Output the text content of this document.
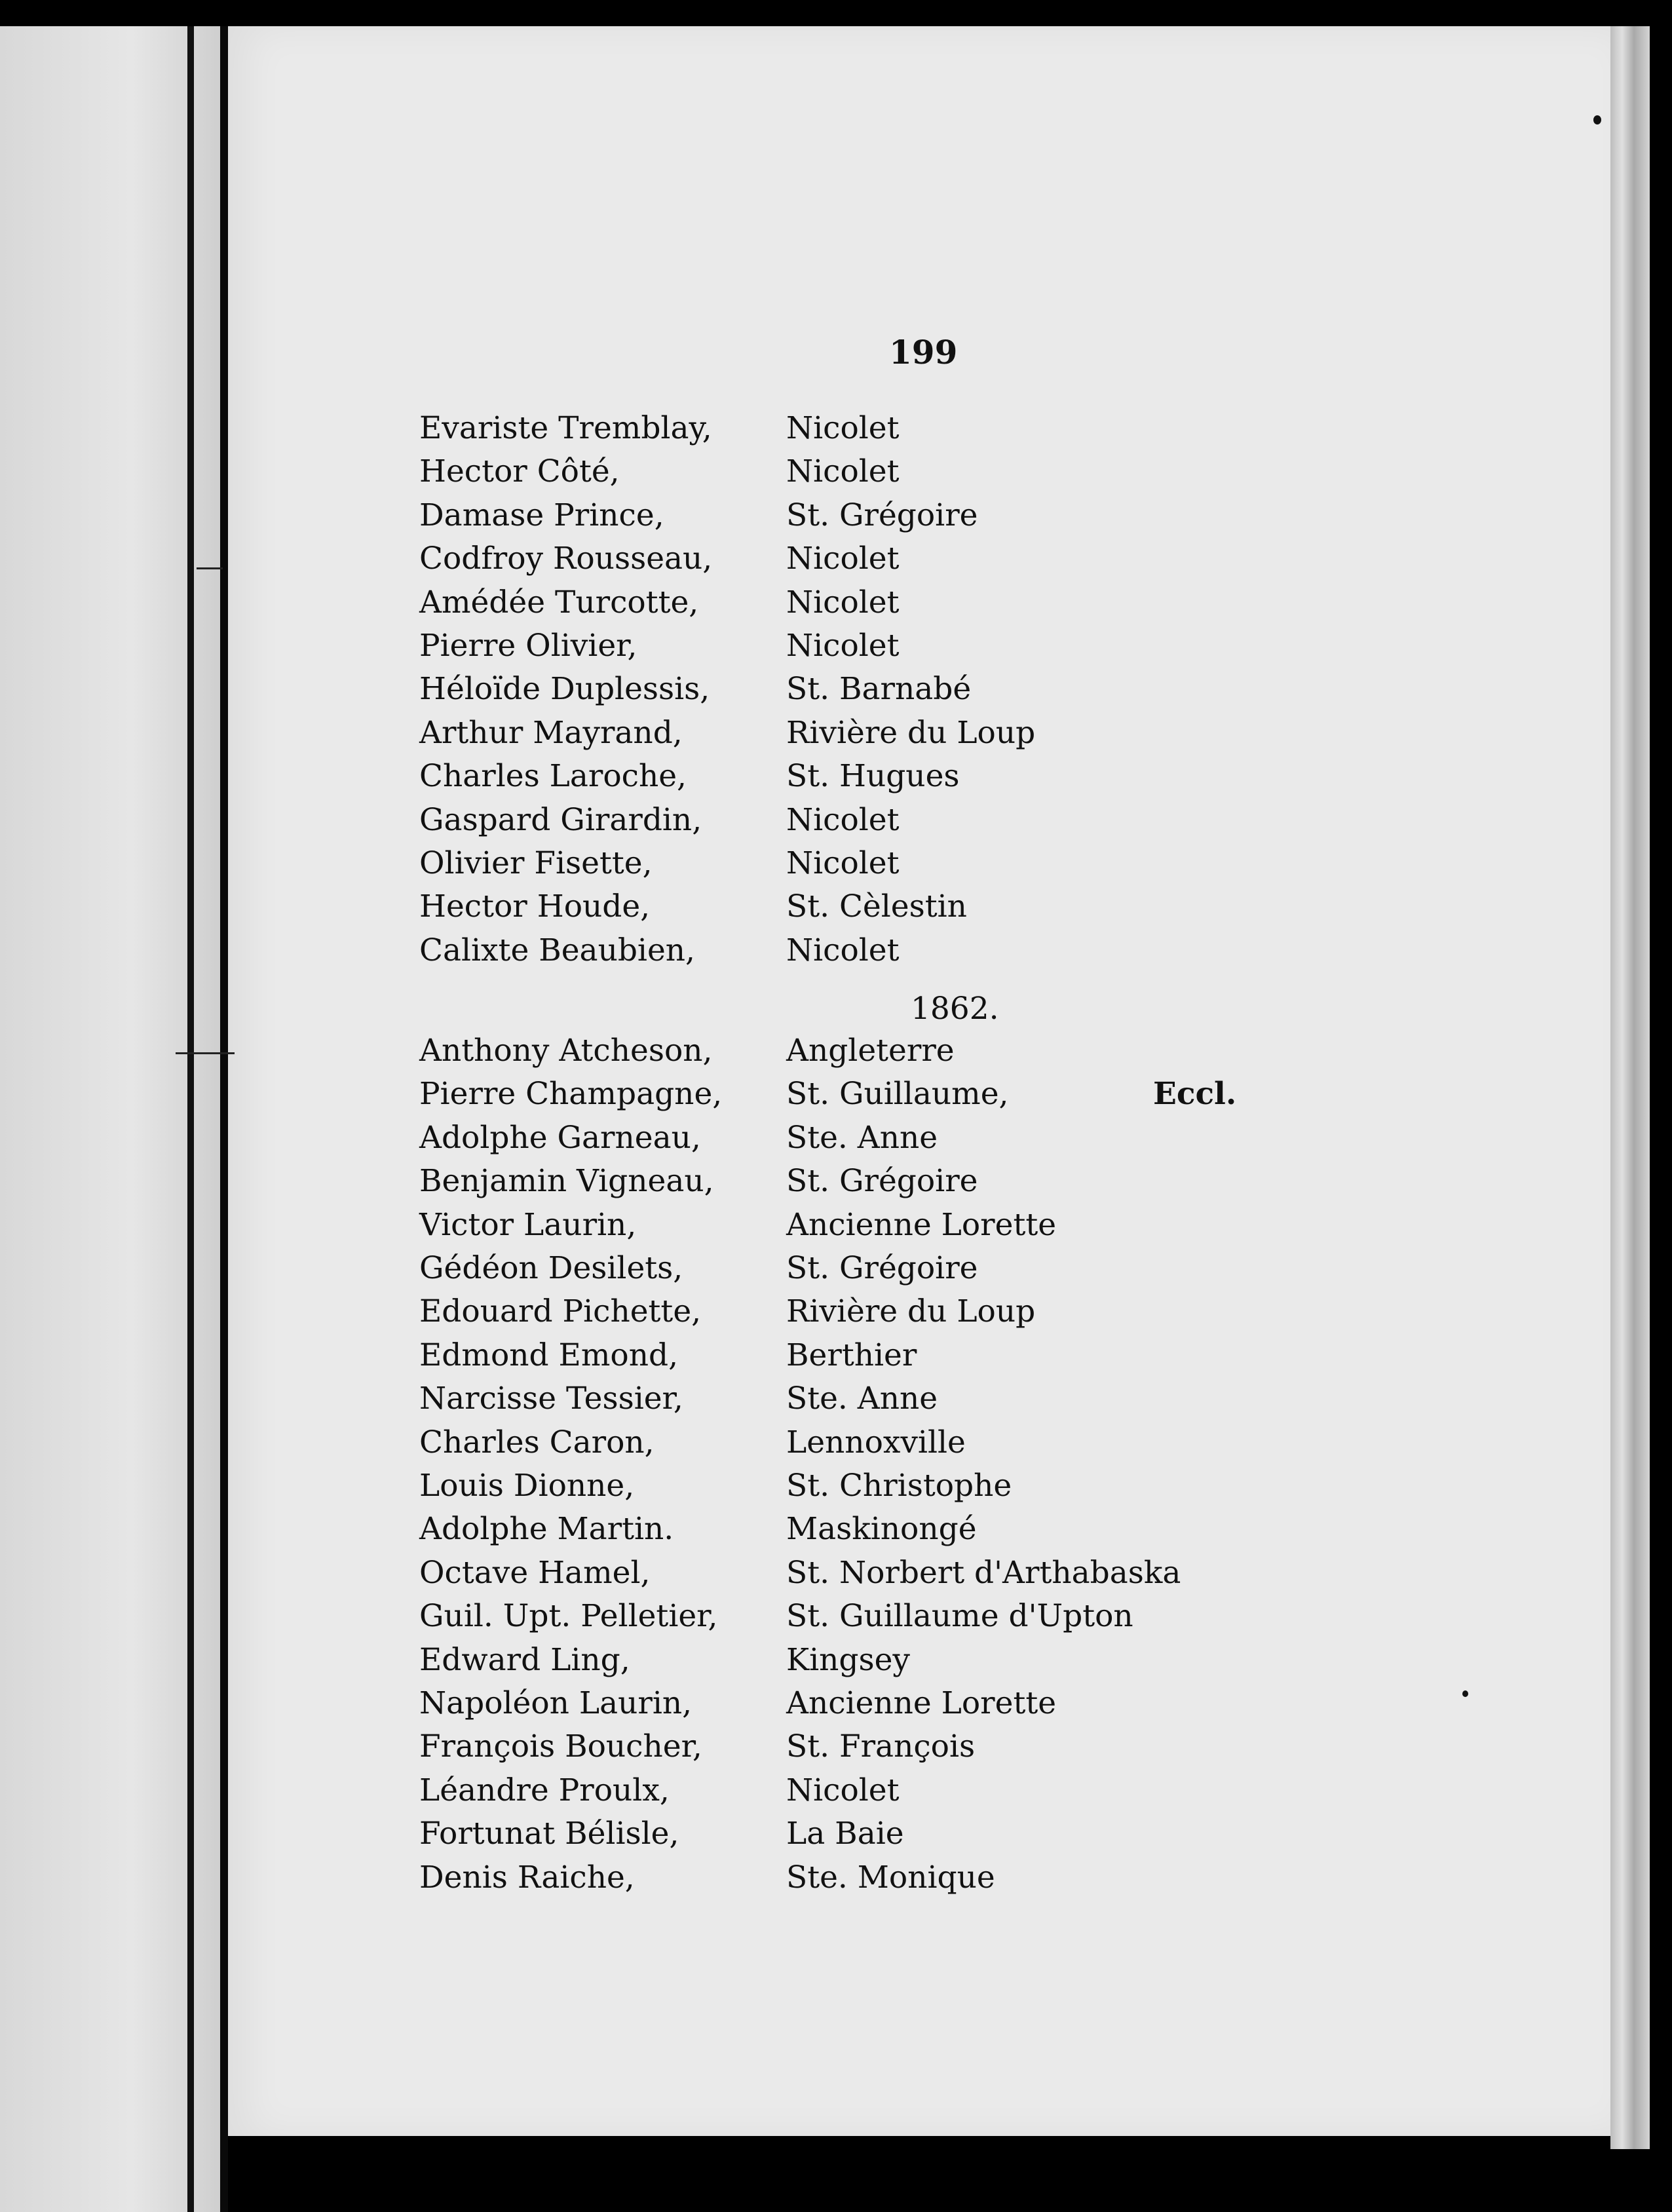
199
Evariste Tremblay, Nicolet
Hector Côté,	Nicolet
Damase Prince,	St. Grégoire
Codfroy Rousseau, Nicolet
Amédée Turcotte,	Nicolet
Pierre Olivier,	Nicolet
Héloïde Duplessis, St. Barnabé
Arthur Mayrand,	Rivière du Loup
Charles Laroche,	St. Hugues
Gaspard Girardin,	Nicolet
Olivier Fisette,	Nicolet
Hector Houde,	St. Cèlestin
Calixte Beaubien,	Nicolet
1862.
Anthony Atcheson, Angleterre
Pierre Champagne, St. Guillaume,	Eccl.
Adolphe Garneau,	Ste. Anne
Benjamin Vigneau, St. Grégoire
Victor Laurin,	Ancienne Lorette
Gédéon Desilets,	St. Grégoire
Edouard Pichette,	Rivière du Loup
Edmond Emond,	Berthier
Narcisse Tessier,	Ste. Anne
Charles Caron,	Lennoxville
Louis Dionne,	St. Christophe
Adolphe Martin.	Maskinongé
Octave Hamel,	St. Norbert d'Arthabaska
Guil. Upt. Pelletier, St. Guillaume d'Upton
Edward Ling,	Kingsey
Napoléon Laurin,	Ancienne Lorette
François Boucher,	St. François
Léandre Proulx,	Nicolet
Fortunat Bélisle,	La Baie
Denis Raiche,	Ste. Monique
